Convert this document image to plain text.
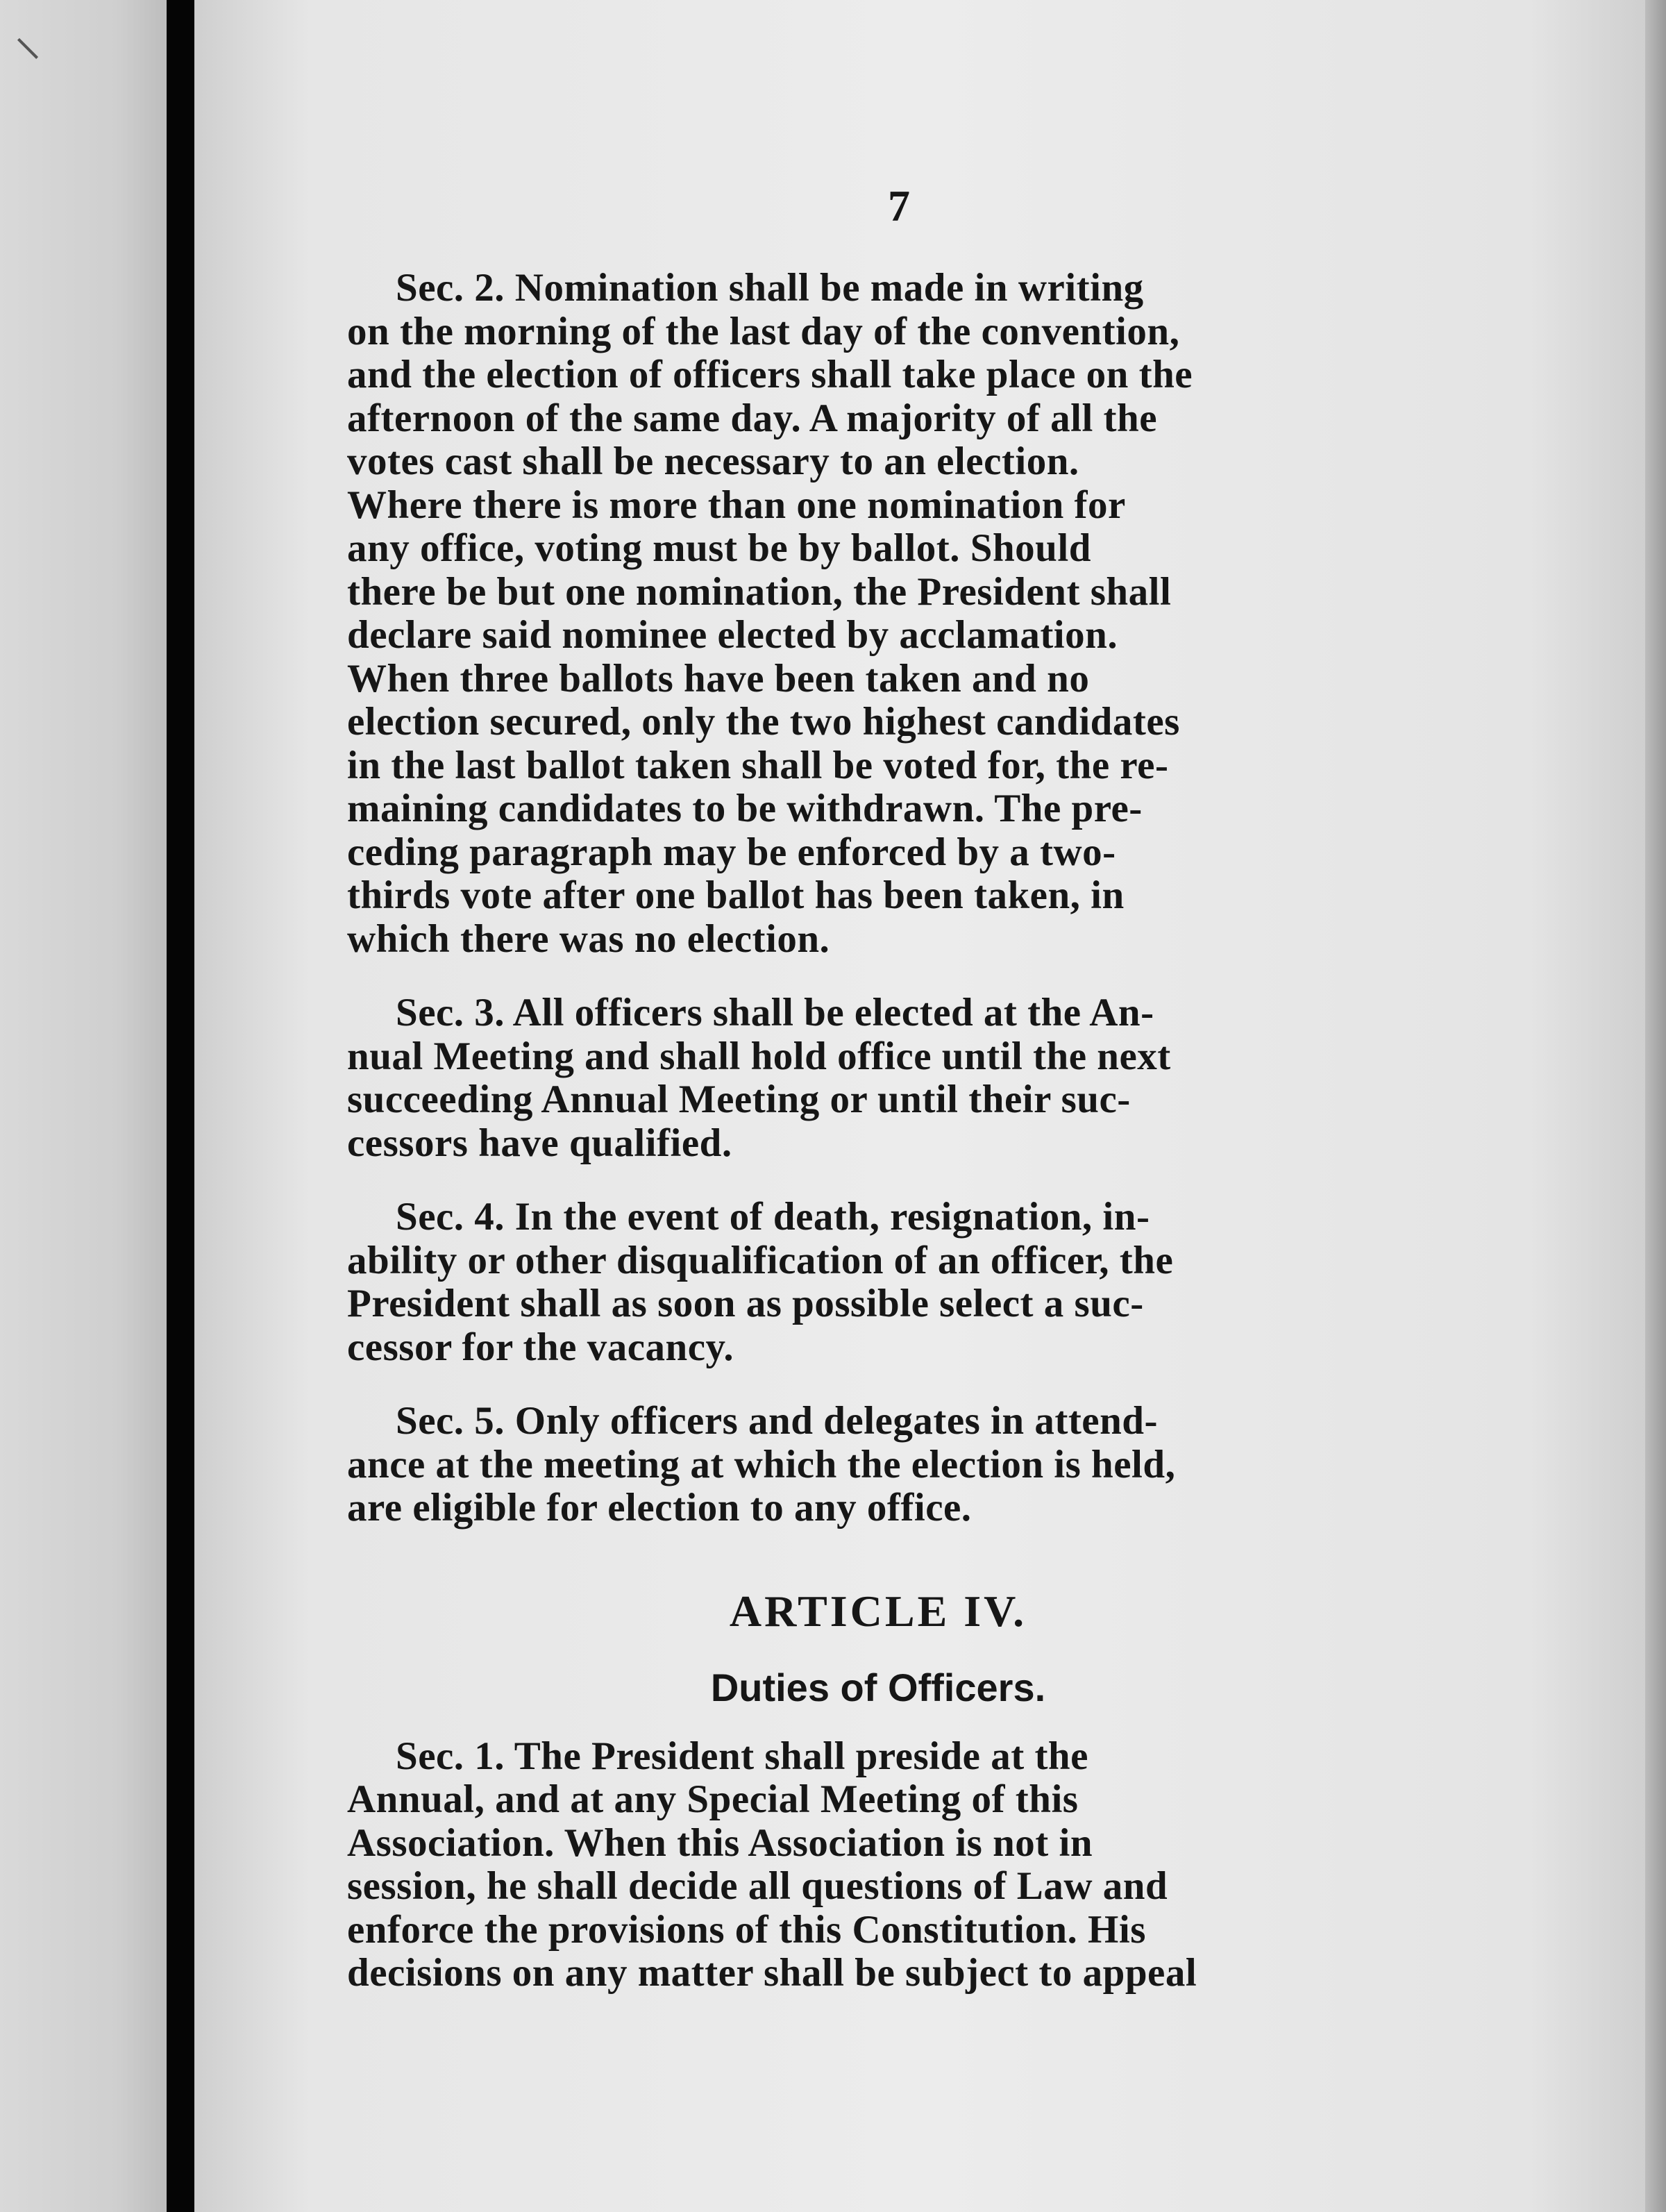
⸌
7
Sec. 2. Nomination shall be made in writing
on the morning of the last day of the convention,
and the election of officers shall take place on the
afternoon of the same day. A majority of all the
votes cast shall be necessary to an election.
Where there is more than one nomination for
any office, voting must be by ballot. Should
there be but one nomination, the President shall
declare said nominee elected by acclamation.
When three ballots have been taken and no
election secured, only the two highest candidates
in the last ballot taken shall be voted for, the re-
maining candidates to be withdrawn. The pre-
ceding paragraph may be enforced by a two-
thirds vote after one ballot has been taken, in
which there was no election.
Sec. 3. All officers shall be elected at the An-
nual Meeting and shall hold office until the next
succeeding Annual Meeting or until their suc-
cessors have qualified.
Sec. 4. In the event of death, resignation, in-
ability or other disqualification of an officer, the
President shall as soon as possible select a suc-
cessor for the vacancy.
Sec. 5. Only officers and delegates in attend-
ance at the meeting at which the election is held,
are eligible for election to any office.
ARTICLE IV.
Duties of Officers.
Sec. 1. The President shall preside at the
Annual, and at any Special Meeting of this
Association. When this Association is not in
session, he shall decide all questions of Law and
enforce the provisions of this Constitution. His
decisions on any matter shall be subject to appeal
